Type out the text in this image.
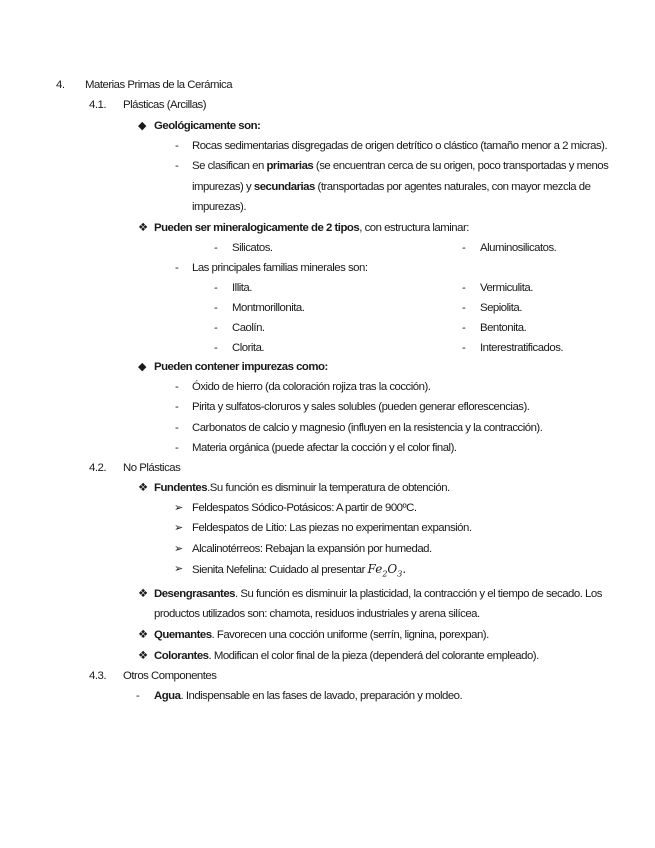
4. Materias Primas de la Cerámica
4.1. Plásticas (Arcillas)
◆ Geológicamente son:
- Rocas sedimentarias disgregadas de origen detrítico o clástico (tamaño menor a 2 micras).
- Se clasifican en primarias (se encuentran cerca de su origen, poco transportadas y menos
impurezas) y secundarias (transportadas por agentes naturales, con mayor mezcla de
impurezas).
❖ Pueden ser mineralogicamente de 2 tipos, con estructura laminar:
- Silicatos.	- Aluminosilicatos.
- Las principales familias minerales son:
- Illita.	- Vermiculita.
- Montmorillonita.	- Sepiolita.
- Caolín.	- Bentonita.
- Clorita.	- Interestratificados.
◆ Pueden contener impurezas como:
- Óxido de hierro (da coloración rojiza tras la cocción).
- Pirita y sulfatos-cloruros y sales solubles (pueden generar eflorescencias).
- Carbonatos de calcio y magnesio (influyen en la resistencia y la contracción).
- Materia orgánica (puede afectar la cocción y el color final).
4.2. No Plásticas
❖ Fundentes.Su función es disminuir la temperatura de obtención.
➢ Feldespatos Sódico-Potásicos: A partir de 900ºC.
➢ Feldespatos de Litio: Las piezas no experimentan expansión.
➢ Alcalinotérreos: Rebajan la expansión por humedad.
➢ Sienita Nefelina: Cuidado al presentar $Fe_2O_3$.
❖ Desengrasantes. Su función es disminuir la plasticidad, la contracción y el tiempo de secado. Los
productos utilizados son: chamota, residuos industriales y arena silícea.
❖ Quemantes. Favorecen una cocción uniforme (serrín, lignina, porexpan).
❖ Colorantes. Modifican el color final de la pieza (dependerá del colorante empleado).
4.3. Otros Componentes
- Agua. Indispensable en las fases de lavado, preparación y moldeo.
